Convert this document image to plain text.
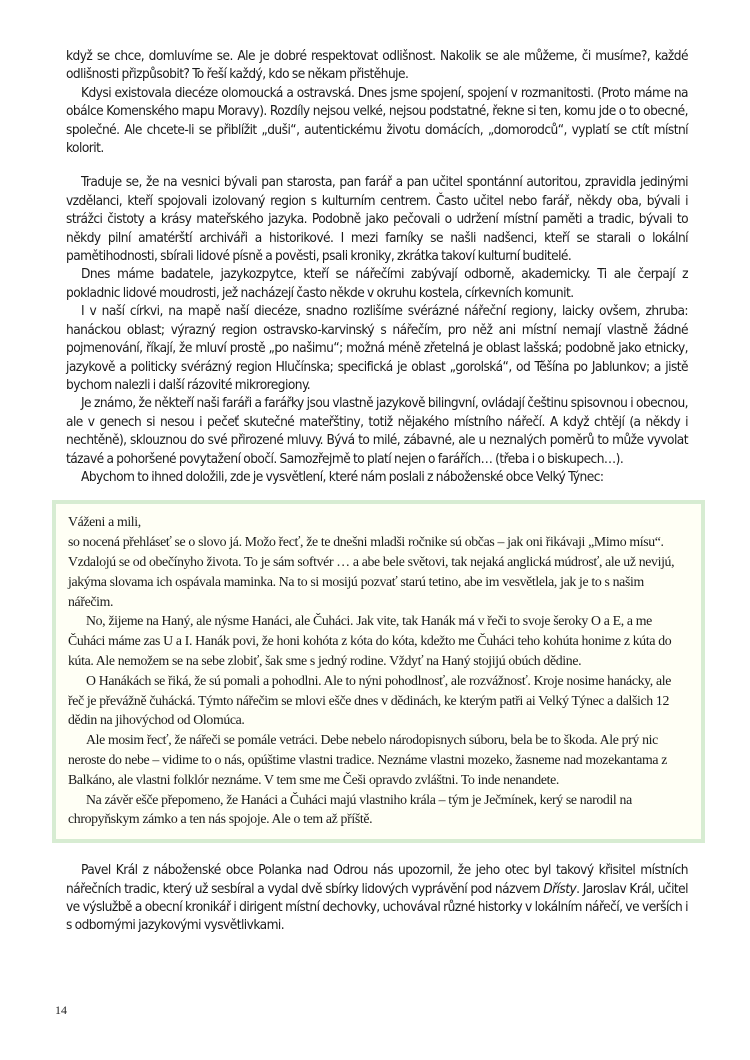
když se chce, domluvíme se. Ale je dobré respektovat odlišnost. Nakolik se ale můžeme, či musíme?, každé odlišnosti přizpůsobit? To řeší každý, kdo se někam přistěhuje.

Kdysi existovala diecéze olomoucká a ostravská. Dnes jsme spojení, spojení v rozmanitosti. (Proto máme na obálce Komenského mapu Moravy). Rozdíly nejsou velké, nejsou podstatné, řekne si ten, komu jde o to obecné, společné. Ale chcete-li se přiblížit „duši“, autentickému životu domácích, „domorodců“, vyplatí se ctít místní kolorit.

Traduje se, že na vesnici bývali pan starosta, pan farář a pan učitel spontánní autoritou, zpravidla jedinými vzdělanci, kteří spojovali izolovaný region s kulturním centrem. Často učitel nebo farář, někdy oba, bývali i strážci čistoty a krásy mateřského jazyka. Podobně jako pečovali o udržení místní paměti a tradic, bývali to někdy pilní amatérští archiváři a historikové. I mezi farníky se našli nadšenci, kteří se starali o lokální pamětihodnosti, sbírali lidové písně a pověsti, psali kroniky, zkrátka takoví kulturní buditelé.

Dnes máme badatele, jazykozpytce, kteří se nářečími zabývají odborně, akademicky. Ti ale čerpají z pokladnic lidové moudrosti, jež nacházejí často někde v okruhu kostela, církevních komunit.

I v naší církvi, na mapě naší diecéze, snadno rozlišíme svérázné nářeční regiony, laicky ovšem, zhruba: hanáckou oblast; výrazný region ostravsko-karvinský s nářečím, pro něž ani místní nemají vlastně žádné pojmenování, říkají, že mluví prostě „po našimu“; možná méně zřetelná je oblast lašská; podobně jako etnicky, jazykově a politicky svérázný region Hlučínska; specifická je oblast „gorolská“, od Těšína po Jablunkov; a jistě bychom nalezli i další rázovité mikroregiony.

Je známo, že někteří naši faráři a farářky jsou vlastně jazykově bilingvní, ovládají češtinu spisovnou i obecnou, ale v genech si nesou i pečeť skutečné mateřštiny, totiž nějakého místního nářečí. A když chtějí (a někdy i nechtěně), sklouznou do své přirozené mluvy. Bývá to milé, zábavné, ale u neznalých poměrů to může vyvolat tázavé a pohoršené povytažení obočí. Samozřejmě to platí nejen o farářích… (třeba i o biskupech…).

Abychom to ihned doložili, zde je vysvětlení, které nám poslali z náboženské obce Velký Týnec:

Váženi a mili,

so nocená přehláseť se o slovo já. Možo řecť, že te dnešni mladši ročnike sú občas – jak oni řikávaji „Mimo mísu“. Vzdalojú se od obečínyho života. To je sám softvér … a abe bele světovi, tak nejaká anglická múdrosť, ale už nevijú, jakýma slovama ich ospávala maminka. Na to si mosijú pozvať starú tetino, abe im vesvětlela, jak je to s našim nářečim.

No, žijeme na Haný, ale nýsme Hanáci, ale Čuháci. Jak vite, tak Hanák má v řeči to svoje šeroky O a E, a me Čuháci máme zas U a I. Hanák povi, že honi kohóta z kóta do kóta, kdežto me Čuháci teho kohúta honime z kúta do kúta. Ale nemožem se na sebe zlobiť, šak sme s jedný rodine. Vždyť na Haný stojijú obúch dědine.

O Hanákách se řiká, že sú pomali a pohodlni. Ale to nýni pohodlnosť, ale rozvážnosť. Kroje nosime hanácky, ale řeč je převážně čuhácká. Týmto nářečim se mlovi ešče dnes v dědinách, ke kterým patři ai Velký Týnec a dalšich 12 dědin na jihovýchod od Olomúca.

Ale mosim řecť, že nářeči se pomále vetráci. Debe nebelo národopisnych súboru, bela be to škoda. Ale prý nic neroste do nebe – vidime to o nás, opúštime vlastni tradice. Neznáme vlastni mozeko, žasneme nad mozekantama z Balkáno, ale vlastni folklór neznáme. V tem sme me Češi opravdo zvláštni. To inde nenandete.

Na závěr ešče přepomeno, že Hanáci a Čuháci majú vlastniho krála – tým je Ječmínek, kerý se narodil na chropyňskym zámko a ten nás spojoje. Ale o tem až příště.

Pavel Král z náboženské obce Polanka nad Odrou nás upozornil, že jeho otec byl takový křisitel místních nářečních tradic, který už sesbíral a vydal dvě sbírky lidových vyprávění pod názvem Dřísty. Jaroslav Král, učitel ve výslužbě a obecní kronikář i dirigent místní dechovky, uchovával různé historky v lokálním nářečí, ve verších i s odbornými jazykovými vysvětlivkami.

14
